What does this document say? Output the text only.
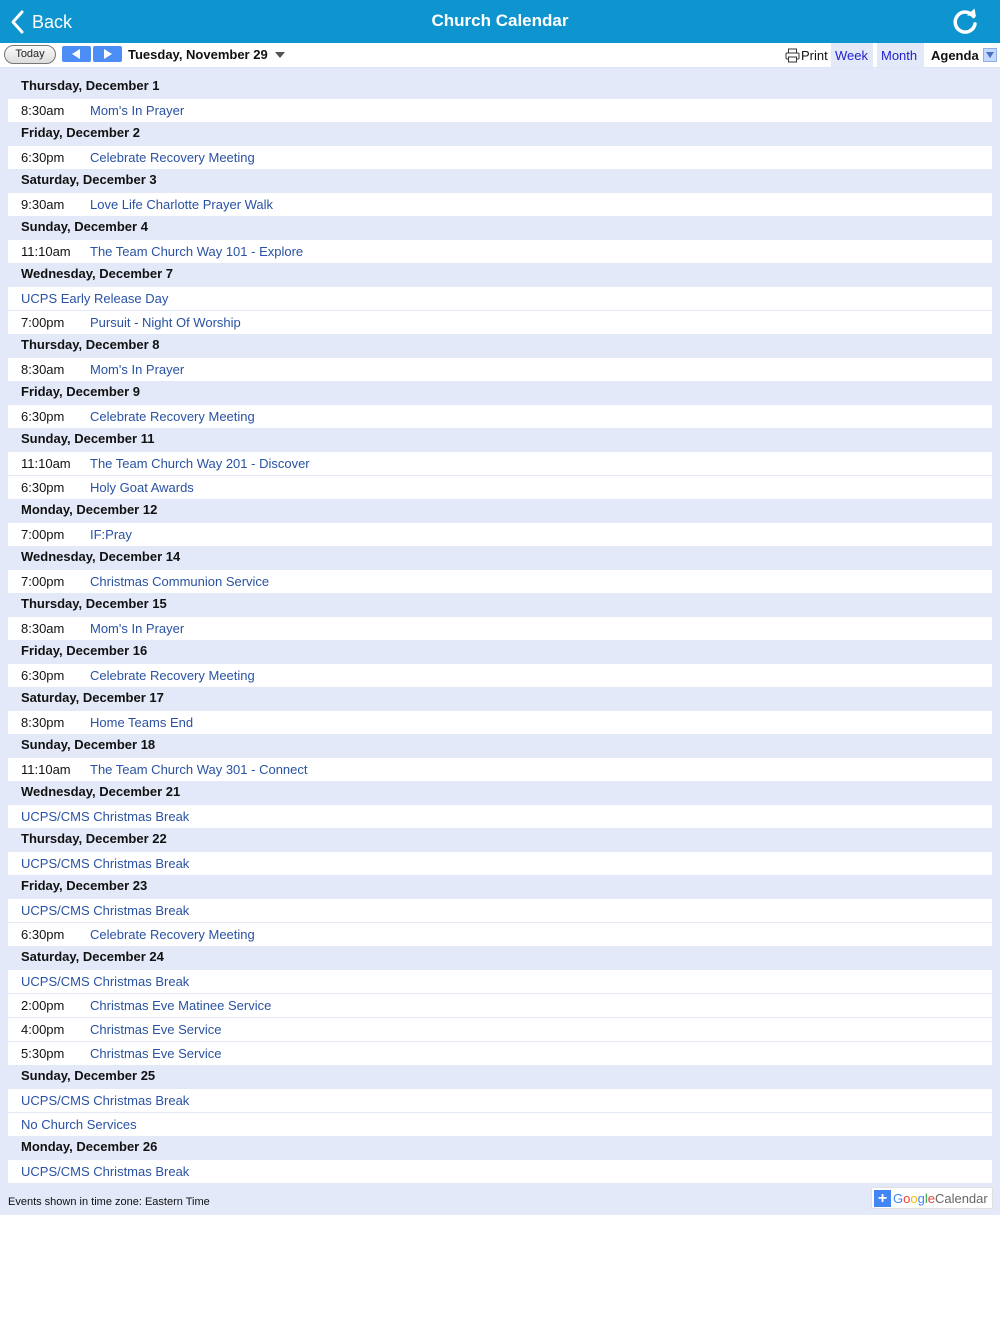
Back	Church Calendar
Today	Tuesday, November 29	Print Week	Month	Agenda
Thursday, December 1
8:30am Mom's In Prayer
Friday, December 2
6:30pm Celebrate Recovery Meeting
Saturday, December 3
9:30am Love Life Charlotte Prayer Walk
Sunday, December 4
11:10am The Team Church Way 101 - Explore
Wednesday, December 7
UCPS Early Release Day
7:00pm Pursuit - Night Of Worship
Thursday, December 8
8:30am Mom's In Prayer
Friday, December 9
6:30pm Celebrate Recovery Meeting
Sunday, December 11
11:10am The Team Church Way 201 - Discover
6:30pm Holy Goat Awards
Monday, December 12
7:00pm IF:Pray
Wednesday, December 14
7:00pm Christmas Communion Service
Thursday, December 15
8:30am Mom's In Prayer
Friday, December 16
6:30pm Celebrate Recovery Meeting
Saturday, December 17
8:30pm Home Teams End
Sunday, December 18
11:10am The Team Church Way 301 - Connect
Wednesday, December 21
UCPS/CMS Christmas Break
Thursday, December 22
UCPS/CMS Christmas Break
Friday, December 23
UCPS/CMS Christmas Break
6:30pm Celebrate Recovery Meeting
Saturday, December 24
UCPS/CMS Christmas Break
2:00pm Christmas Eve Matinee Service
4:00pm Christmas Eve Service
5:30pm Christmas Eve Service
Sunday, December 25
UCPS/CMS Christmas Break
No Church Services
Monday, December 26
UCPS/CMS Christmas Break
Events shown in time zone: Eastern Time	+ GoogleCalendar
